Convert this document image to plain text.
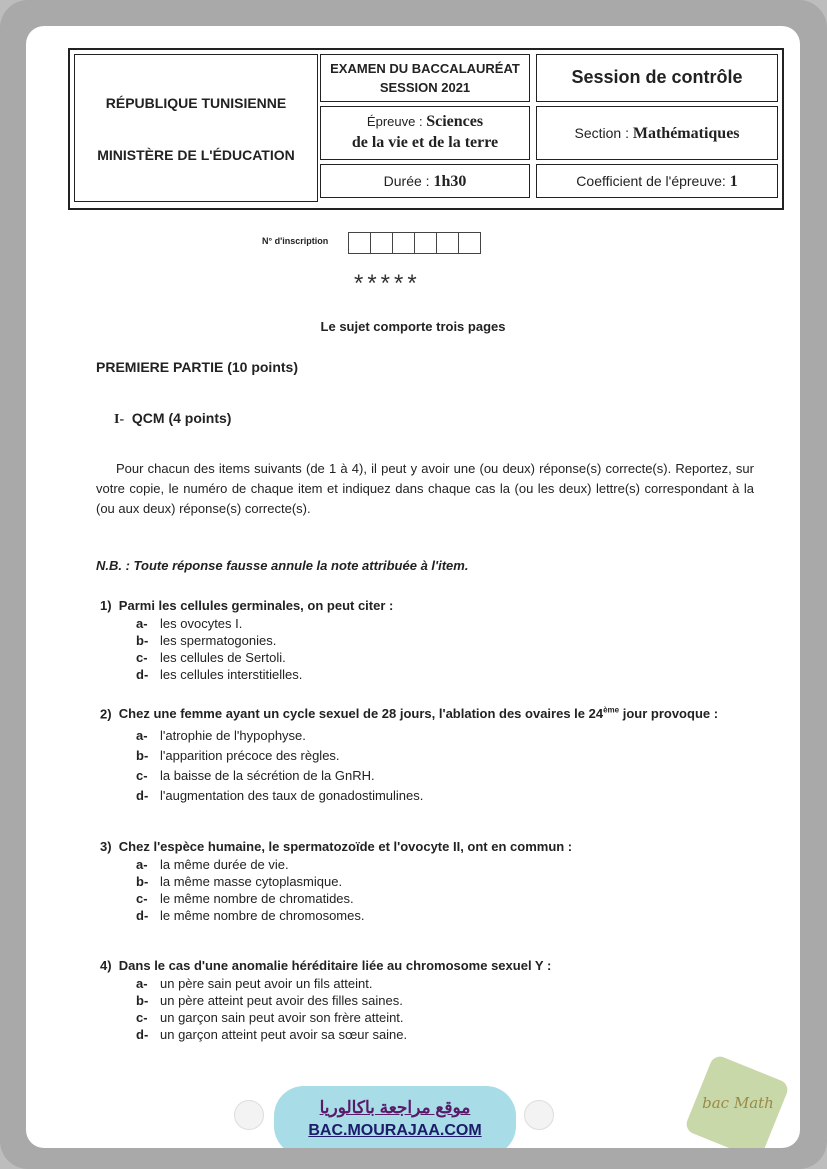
RÉPUBLIQUE TUNISIENNE
MINISTÈRE DE L'ÉDUCATION
EXAMEN DU BACCALAURÉAT
SESSION 2021
Session de contrôle
Épreuve : Sciences
de la vie et de la terre
Section : Mathématiques
Durée : 1h30	Coefficient de l'épreuve: 1
N° d'inscription
*****
Le sujet comporte trois pages
PREMIERE PARTIE (10 points)
I- QCM (4 points)
Pour chacun des items suivants (de 1 à 4), il peut y avoir une (ou deux) réponse(s) correcte(s). Reportez, sur votre copie, le numéro de chaque item et indiquez dans chaque cas la (ou les deux) lettre(s) correspondant à la (ou aux deux) réponse(s) correcte(s).
N.B. : Toute réponse fausse annule la note attribuée à l'item.
1) Parmi les cellules germinales, on peut citer :
a- les ovocytes I.
b- les spermatogonies.
c- les cellules de Sertoli.
d- les cellules interstitielles.
2) Chez une femme ayant un cycle sexuel de 28 jours, l'ablation des ovaires le 24ème jour provoque :
a- l'atrophie de l'hypophyse.
b- l'apparition précoce des règles.
c- la baisse de la sécrétion de la GnRH.
d- l'augmentation des taux de gonadostimulines.
3) Chez l'espèce humaine, le spermatozoïde et l'ovocyte II, ont en commun :
a- la même durée de vie.
b- la même masse cytoplasmique.
c- le même nombre de chromatides.
d- le même nombre de chromosomes.
4) Dans le cas d'une anomalie héréditaire liée au chromosome sexuel Y :
a- un père sain peut avoir un fils atteint.
b- un père atteint peut avoir des filles saines.
c- un garçon sain peut avoir son frère atteint.
d- un garçon atteint peut avoir sa sœur saine.
موقع مراجعة باكالوريا
BAC.MOURAJAA.COM
bac Math
